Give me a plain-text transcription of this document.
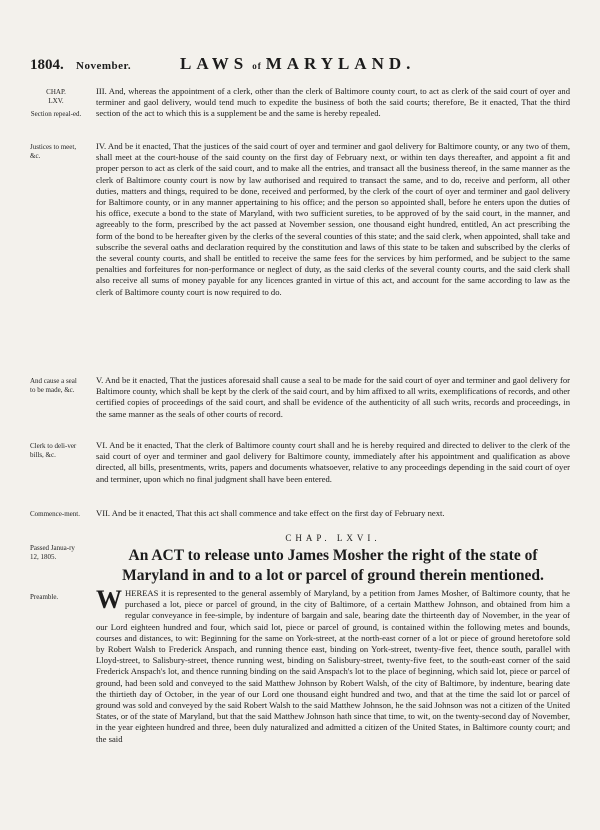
1804.	November.	LAWS of MARYLAND.
CHAP.
LXV.
Section repeal-ed.
Justices to meet, &c.
And cause a seal to be made, &c.
Clerk to deli-ver bills, &c.
Commence-ment.
Passed Janua-ry 12, 1805.
Preamble.

III. And, whereas the appointment of a clerk, other than the clerk of Baltimore county court, to act as clerk of the said court of oyer and terminer and gaol delivery, would tend much to expedite the business of both the said courts; therefore, Be it enacted, That the third section of the act to which this is a supplement be and the same is hereby repealed.

IV. And be it enacted, That the justices of the said court of oyer and terminer and gaol delivery for Baltimore county, or any two of them, shall meet at the court-house of the said county on the first day of February next, or within ten days thereafter, and appoint a fit and proper person to act as clerk of the said court, and to make all the entries, and transact all the business thereof, in the same manner as the clerk of Baltimore county court is now by law authorised and required to transact the same, and to do, receive and perform, all other duties, matters and things, required to be done, received and performed, by the clerk of the court of oyer and terminer and gaol delivery for Baltimore county, or in any manner appertaining to his office; and the person so appointed shall, before he enters upon the duties of his office, execute a bond to the state of Maryland, with two sufficient sureties, to be approved of by the said court, in the manner, and agreeably to the form, prescribed by the act passed at November session, one thousand eight hundred, entitled, An act prescribing the form of the bond to be hereafter given by the clerks of the several counties of this state; and the said clerk, when appointed, shall take and subscribe the several oaths and declaration required by the constitution and laws of this state to be taken and subscribed by the clerks of the several county courts, and shall be entitled to receive the same fees for the services by him performed, and be subject to the same penalties and forfeitures for non-performance or neglect of duty, as the said clerks of the several county courts, and the said clerk shall also receive all sums of money payable for any licences granted in virtue of this act, and account for the same according to law as the clerk of Baltimore county court is now required to do.

V. And be it enacted, That the justices aforesaid shall cause a seal to be made for the said court of oyer and terminer and gaol delivery for Baltimore county, which shall be kept by the clerk of the said court, and by him affixed to all writs, exemplifications of records, and other certified copies of proceedings of the said court, and shall be evidence of the authenticity of all such writs, records and proceedings, in the same manner as the seals of other courts of record.

VI. And be it enacted, That the clerk of Baltimore county court shall and he is hereby required and directed to deliver to the clerk of the said court of oyer and terminer and gaol delivery for Baltimore county, immediately after his appointment and qualification as above directed, all bills, presentments, writs, papers and documents whatsoever, relative to any proceedings depending in the said court of oyer and terminer, upon which no final judgment shall have been entered.

VII. And be it enacted, That this act shall commence and take effect on the first day of February next.

CHAP. LXVI.

An ACT to release unto James Mosher the right of the state of Maryland in and to a lot or parcel of ground therein mentioned.

WHEREAS it is represented to the general assembly of Maryland, by a petition from James Mosher, of Baltimore county, that he purchased a lot, piece or parcel of ground, in the city of Baltimore, of a certain Matthew Johnson, and obtained from him a regular conveyance in fee-simple, by indenture of bargain and sale, bearing date the thirteenth day of November, in the year of our Lord eighteen hundred and four, which said lot, piece or parcel of ground, is contained within the following metes and bounds, courses and distances, to wit: Beginning for the same on York-street, at the north-east corner of a lot or piece of ground heretofore sold by Robert Walsh to Frederick Anspach, and running thence east, binding on York-street, twenty-five feet, thence south, parallel with Lloyd-street, to Salisbury-street, thence running west, binding on Salisbury-street, twenty-five feet, to the south-east corner of the said Frederick Anspach's lot, and thence running binding on the said Anspach's lot to the place of beginning, which said lot, piece or parcel of ground, had been sold and conveyed to the said Matthew Johnson by Robert Walsh, of the city of Baltimore, by indenture, bearing date the thirtieth day of October, in the year of our Lord one thousand eight hundred and two, and that at the time the said lot or parcel of ground was sold and conveyed by the said Robert Walsh to the said Matthew Johnson, he the said Johnson was not a citizen of the United States, or of the state of Maryland, but that the said Matthew Johnson hath since that time, to wit, on the twenty-second day of November, in the year eighteen hundred and three, been duly naturalized and admitted a citizen of the United States, in Baltimore county court; and the said
